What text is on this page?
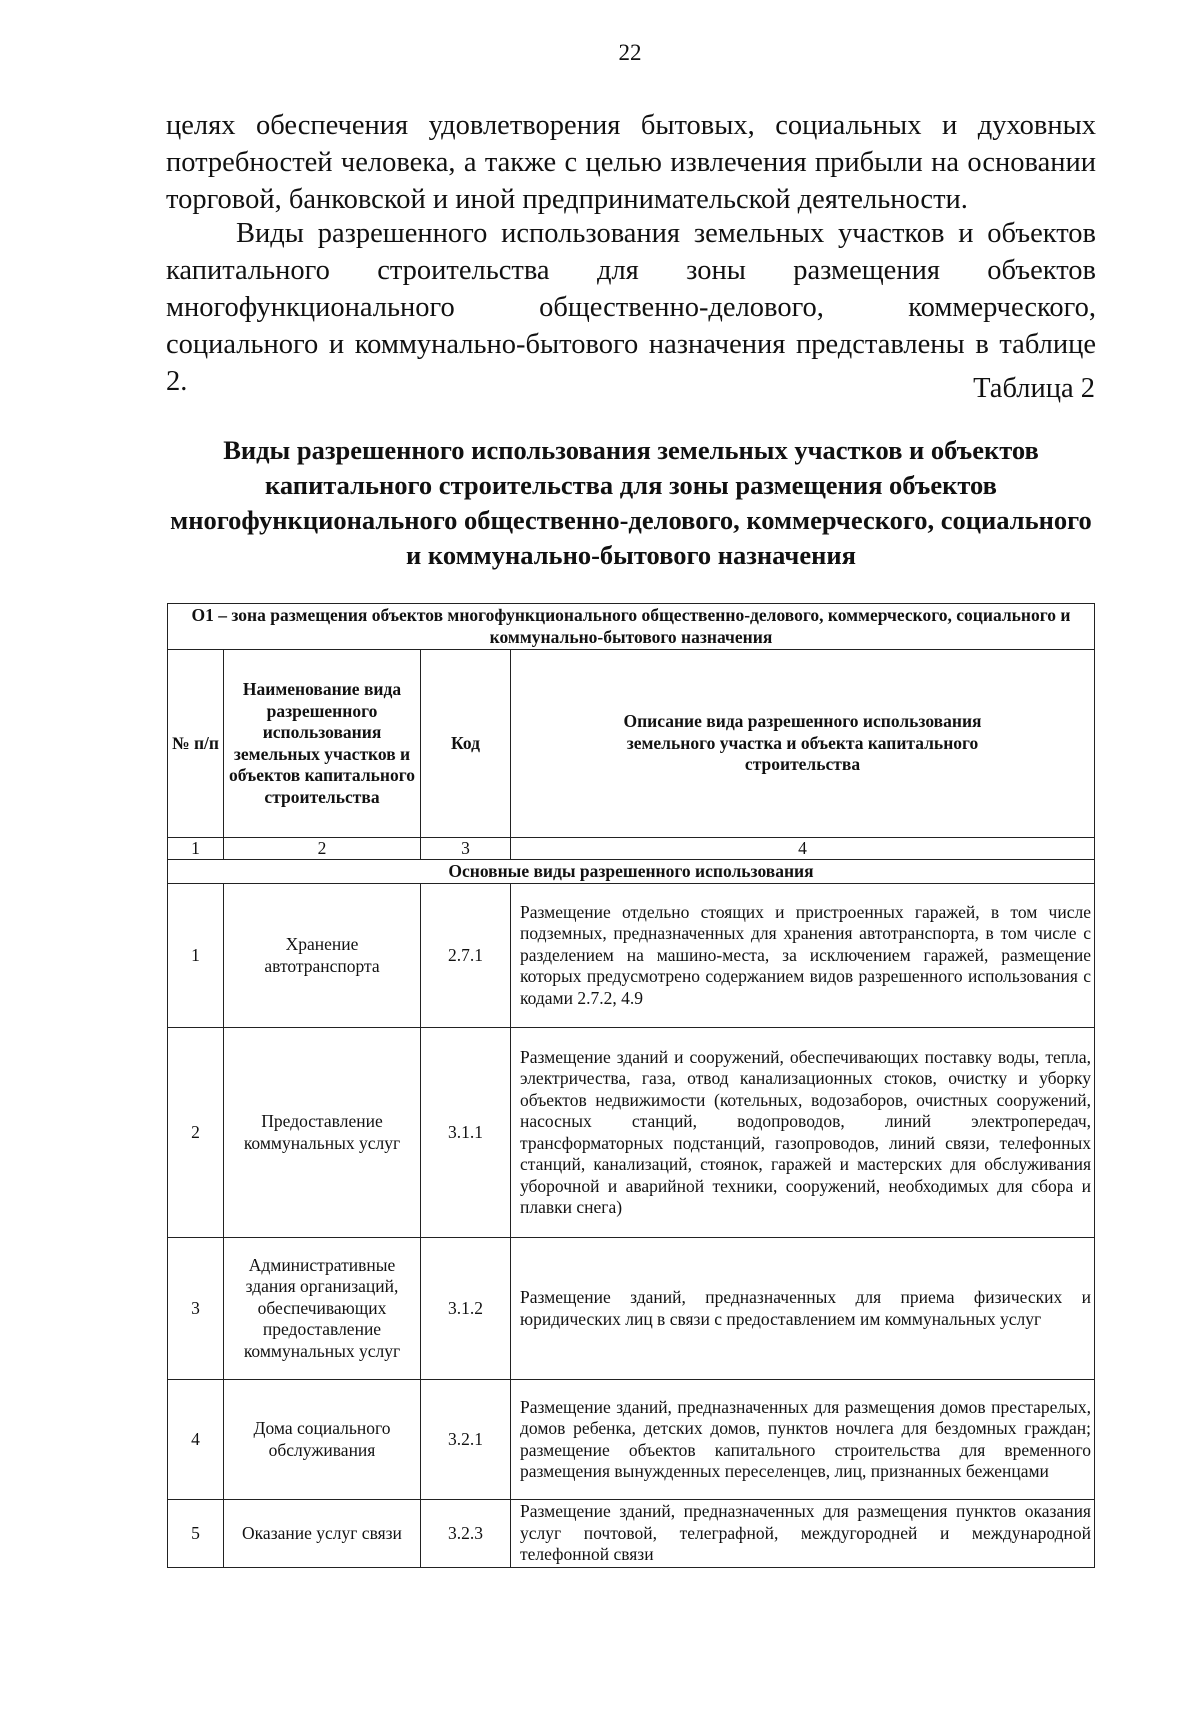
22
целях обеспечения удовлетворения бытовых, социальных и духовных потребностей человека, а также с целью извлечения прибыли на основании торговой, банковской и иной предпринимательской деятельности.
Виды разрешенного использования земельных участков и объектов капитального строительства для зоны размещения объектов многофункционального общественно-делового, коммерческого, социального и коммунально-бытового назначения представлены в таблице 2.	Таблица 2
Виды разрешенного использования земельных участков и объектов капитального строительства для зоны размещения объектов многофункционального общественно-делового, коммерческого, социального и коммунально-бытового назначения
О1 – зона размещения объектов многофункционального общественно-делового, коммерческого, социального и коммунально-бытового назначения			
№ п/п	Наименование вида разрешенного использования земельных участков и объектов капитального строительства	Код	Описание вида разрешенного использования земельного участка и объекта капитального строительства
1	2	3	4
Основные виды разрешенного использования			
1	Хранение автотранспорта	2.7.1	Размещение отдельно стоящих и пристроенных гаражей, в том числе подземных, предназначенных для хранения автотранспорта, в том числе с разделением на машино-места, за исключением гаражей, размещение которых предусмотрено содержанием видов разрешенного использования с кодами 2.7.2, 4.9
2	Предоставление коммунальных услуг	3.1.1	Размещение зданий и сооружений, обеспечивающих поставку воды, тепла, электричества, газа, отвод канализационных стоков, очистку и уборку объектов недвижимости (котельных, водозаборов, очистных сооружений, насосных станций, водопроводов, линий электропередач, трансформаторных подстанций, газопроводов, линий связи, телефонных станций, канализаций, стоянок, гаражей и мастерских для обслуживания уборочной и аварийной техники, сооружений, необходимых для сбора и плавки снега)
3	Административные здания организаций, обеспечивающих предоставление коммунальных услуг	3.1.2	Размещение зданий, предназначенных для приема физических и юридических лиц в связи с предоставлением им коммунальных услуг
4	Дома социального обслуживания	3.2.1	Размещение зданий, предназначенных для размещения домов престарелых, домов ребенка, детских домов, пунктов ночлега для бездомных граждан; размещение объектов капитального строительства для временного размещения вынужденных переселенцев, лиц, признанных беженцами
5	Оказание услуг связи	3.2.3	Размещение зданий, предназначенных для размещения пунктов оказания услуг почтовой, телеграфной, междугородней и международной телефонной связи
